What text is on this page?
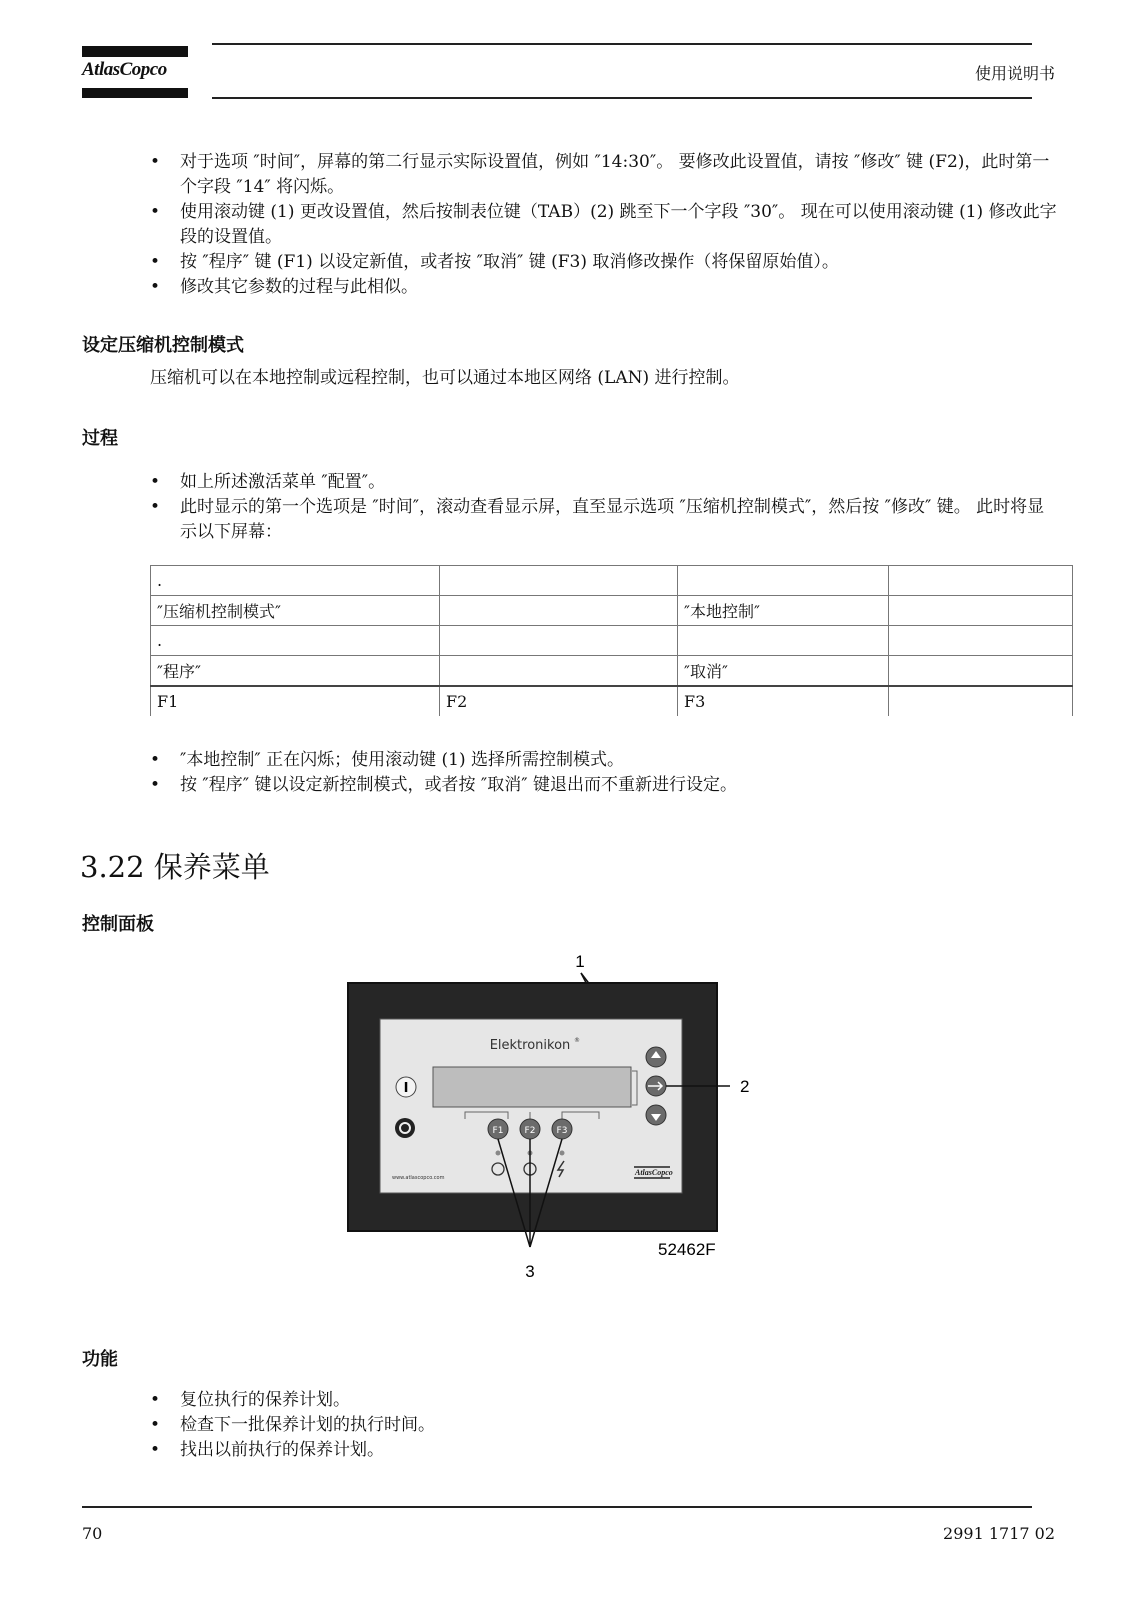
AtlasCopco	使用说明书
• 对于选项 ″时间″，屏幕的第二行显示实际设置值，例如 ″14:30″。 要修改此设置值，请按 ″修改″ 键 (F2)，此时第一个字段 ″14″ 将闪烁。
• 使用滚动键 (1) 更改设置值，然后按制表位键（TAB）(2) 跳至下一个字段 ″30″。 现在可以使用滚动键 (1) 修改此字段的设置值。
• 按 ″程序″ 键 (F1) 以设定新值，或者按 ″取消″ 键 (F3) 取消修改操作（将保留原始值）。
• 修改其它参数的过程与此相似。
设定压缩机控制模式
压缩机可以在本地控制或远程控制，也可以通过本地区网络 (LAN) 进行控制。
过程
• 如上所述激活菜单 ″配置″。
• 此时显示的第一个选项是 ″时间″，滚动查看显示屏，直至显示选项 ″压缩机控制模式″，然后按 ″修改″ 键。 此时将显示以下屏幕：
.			
″压缩机控制模式″		″本地控制″	
.			
″程序″		″取消″	
F1	F2	F3	
• ″本地控制″ 正在闪烁；使用滚动键 (1) 选择所需控制模式。
• 按 ″程序″ 键以设定新控制模式，或者按 ″取消″ 键退出而不重新进行设定。
3.22 保养菜单
控制面板
1
Elektronikon ®
I
F1 F2 F3
www.atlascopco.com
AtlasCopco
2
3
52462F
功能
• 复位执行的保养计划。
• 检查下一批保养计划的执行时间。
• 找出以前执行的保养计划。
70	2991 1717 02
